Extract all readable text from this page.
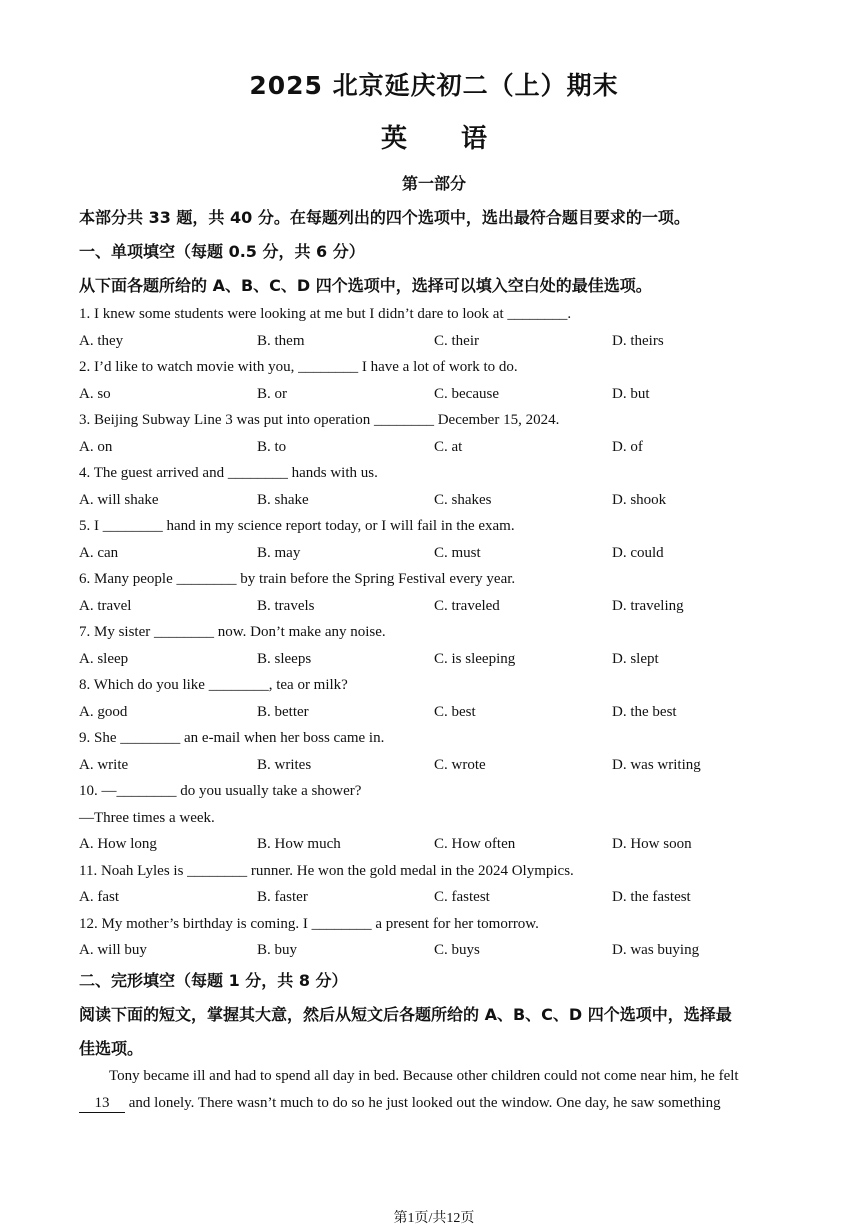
2025 北京延庆初二（上）期末
英语
第一部分
本部分共 33 题，共 40 分。在每题列出的四个选项中，选出最符合题目要求的一项。
一、单项填空（每题 0.5 分，共 6 分）
从下面各题所给的 A、B、C、D 四个选项中，选择可以填入空白处的最佳选项。
1. I knew some students were looking at me but I didn’t dare to look at ________.
A. they	B. them	C. their	D. theirs
2. I’d like to watch movie with you, ________ I have a lot of work to do.
A. so	B. or	C. because	D. but
3. Beijing Subway Line 3 was put into operation ________ December 15, 2024.
A. on	B. to	C. at	D. of
4. The guest arrived and ________ hands with us.
A. will shake	B. shake	C. shakes	D. shook
5. I ________ hand in my science report today, or I will fail in the exam.
A. can	B. may	C. must	D. could
6. Many people ________ by train before the Spring Festival every year.
A. travel	B. travels	C. traveled	D. traveling
7. My sister ________ now. Don’t make any noise.
A. sleep	B. sleeps	C. is sleeping	D. slept
8. Which do you like ________, tea or milk?
A. good	B. better	C. best	D. the best
9. She ________ an e-mail when her boss came in.
A. write	B. writes	C. wrote	D. was writing
10. —________ do you usually take a shower?
—Three times a week.
A. How long	B. How much	C. How often	D. How soon
11. Noah Lyles is ________ runner. He won the gold medal in the 2024 Olympics.
A. fast	B. faster	C. fastest	D. the fastest
12. My mother’s birthday is coming. I ________ a present for her tomorrow.
A. will buy	B. buy	C. buys	D. was buying
二、完形填空（每题 1 分，共 8 分）
阅读下面的短文，掌握其大意，然后从短文后各题所给的 A、B、C、D 四个选项中，选择最
佳选项。
Tony became ill and had to spend all day in bed. Because other children could not come near him, he felt
13 and lonely. There wasn’t much to do so he just looked out the window. One day, he saw something
第1页/共12页
